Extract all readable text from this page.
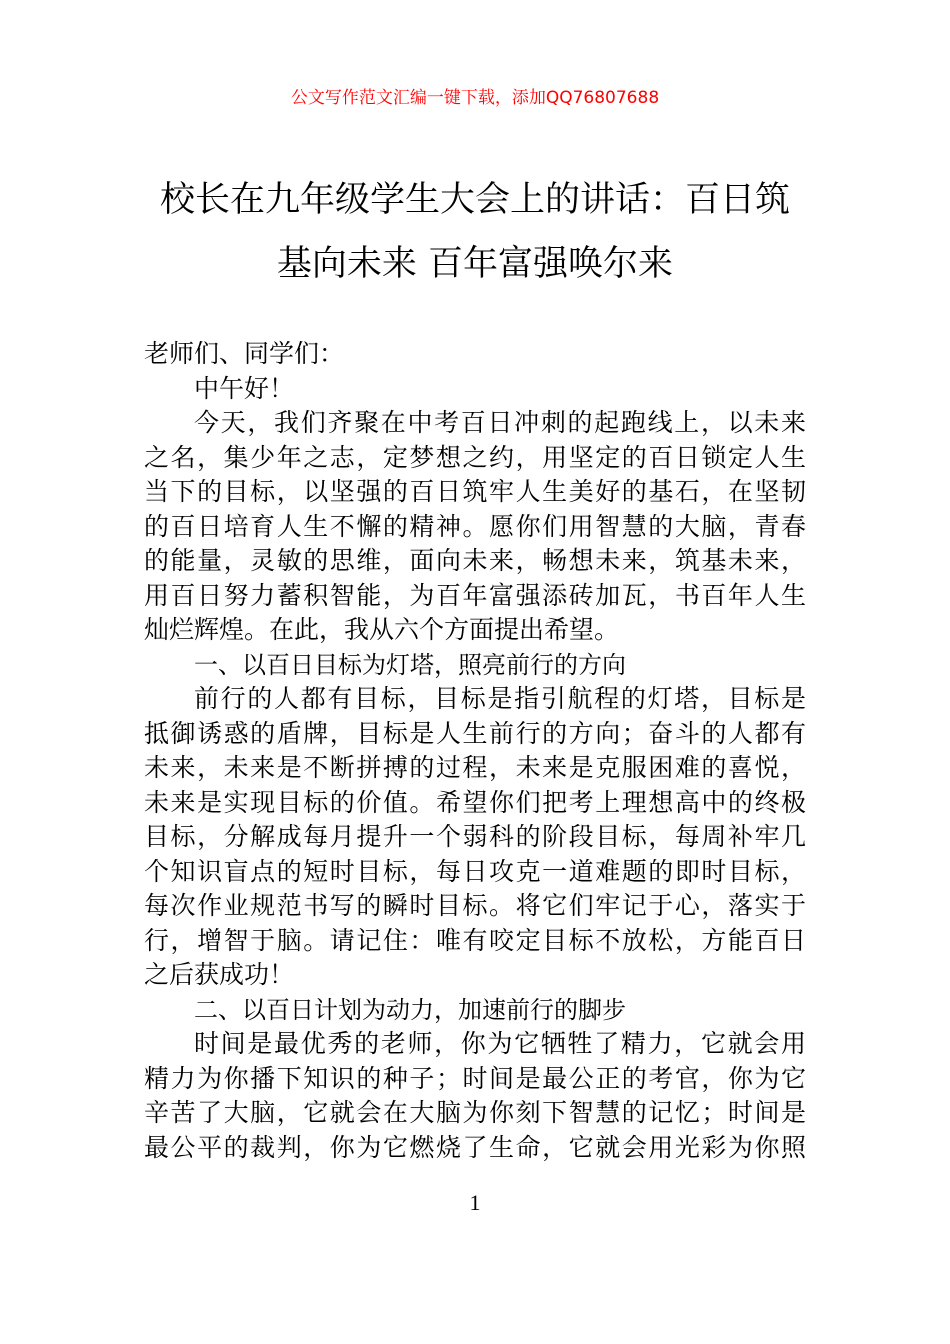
公文写作范文汇编一键下载，添加QQ76807688
校长在九年级学生大会上的讲话：百日筑
基向未来 百年富强唤尔来
老师们、同学们：
中午好！
今天，我们齐聚在中考百日冲刺的起跑线上，以未来
之名，集少年之志，定梦想之约，用坚定的百日锁定人生
当下的目标，以坚强的百日筑牢人生美好的基石，在坚韧
的百日培育人生不懈的精神。愿你们用智慧的大脑，青春
的能量，灵敏的思维，面向未来，畅想未来，筑基未来，
用百日努力蓄积智能，为百年富强添砖加瓦，书百年人生
灿烂辉煌。在此，我从六个方面提出希望。
一、以百日目标为灯塔，照亮前行的方向
前行的人都有目标，目标是指引航程的灯塔，目标是
抵御诱惑的盾牌，目标是人生前行的方向；奋斗的人都有
未来，未来是不断拼搏的过程，未来是克服困难的喜悦，
未来是实现目标的价值。希望你们把考上理想高中的终极
目标，分解成每月提升一个弱科的阶段目标，每周补牢几
个知识盲点的短时目标，每日攻克一道难题的即时目标，
每次作业规范书写的瞬时目标。将它们牢记于心，落实于
行，增智于脑。请记住：唯有咬定目标不放松，方能百日
之后获成功！
二、以百日计划为动力，加速前行的脚步
时间是最优秀的老师，你为它牺牲了精力，它就会用
精力为你播下知识的种子；时间是最公正的考官，你为它
辛苦了大脑，它就会在大脑为你刻下智慧的记忆；时间是
最公平的裁判，你为它燃烧了生命，它就会用光彩为你照
1
